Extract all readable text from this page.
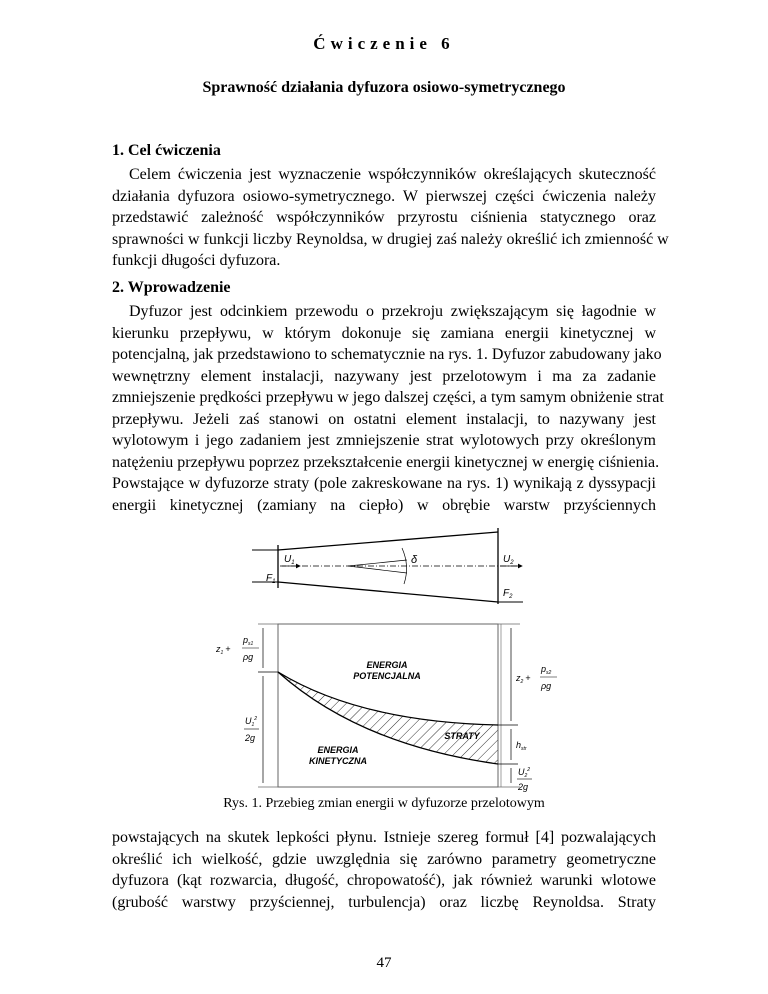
Ćwiczenie 6
Sprawność działania dyfuzora osiowo-symetrycznego
1. Cel ćwiczenia
Celem ćwiczenia jest wyznaczenie współczynników określających skuteczność
działania dyfuzora osiowo-symetrycznego. W pierwszej części ćwiczenia należy
przedstawić zależność współczynników przyrostu ciśnienia statycznego oraz
sprawności w funkcji liczby Reynoldsa, w drugiej zaś należy określić ich zmienność w
funkcji długości dyfuzora.
2. Wprowadzenie
Dyfuzor jest odcinkiem przewodu o przekroju zwiększającym się łagodnie w
kierunku przepływu, w którym dokonuje się zamiana energii kinetycznej w
potencjalną, jak przedstawiono to schematycznie na rys. 1. Dyfuzor zabudowany jako
wewnętrzny element instalacji, nazywany jest przelotowym i ma za zadanie
zmniejszenie prędkości przepływu w jego dalszej części, a tym samym obniżenie strat
przepływu. Jeżeli zaś stanowi on ostatni element instalacji, to nazywany jest
wylotowym i jego zadaniem jest zmniejszenie strat wylotowych przy określonym
natężeniu przepływu poprzez przekształcenie energii kinetycznej w energię ciśnienia.
Powstające w dyfuzorze straty (pole zakreskowane na rys. 1) wynikają z dyssypacji
energii kinetycznej (zamiany na ciepło) w obrębie warstw przyściennych
$U_1$
$F_1$
δ	$U_2$
$F_2$
ENERGIA POTENCJALNA
STRATY
ENERGIA KINETYCZNA
$z_1$ +
$p_{s1}$
ρg
$U_1^2$
2g
$z_2$ +
$p_{s2}$
ρg
$h_{str}$
$U_2^2$
2g
Rys. 1. Przebieg zmian energii w dyfuzorze przelotowym
powstających na skutek lepkości płynu. Istnieje szereg formuł [4] pozwalających
określić ich wielkość, gdzie uwzględnia się zarówno parametry geometryczne
dyfuzora (kąt rozwarcia, długość, chropowatość), jak również warunki wlotowe
(grubość warstwy przyściennej, turbulencja) oraz liczbę Reynoldsa. Straty
47
